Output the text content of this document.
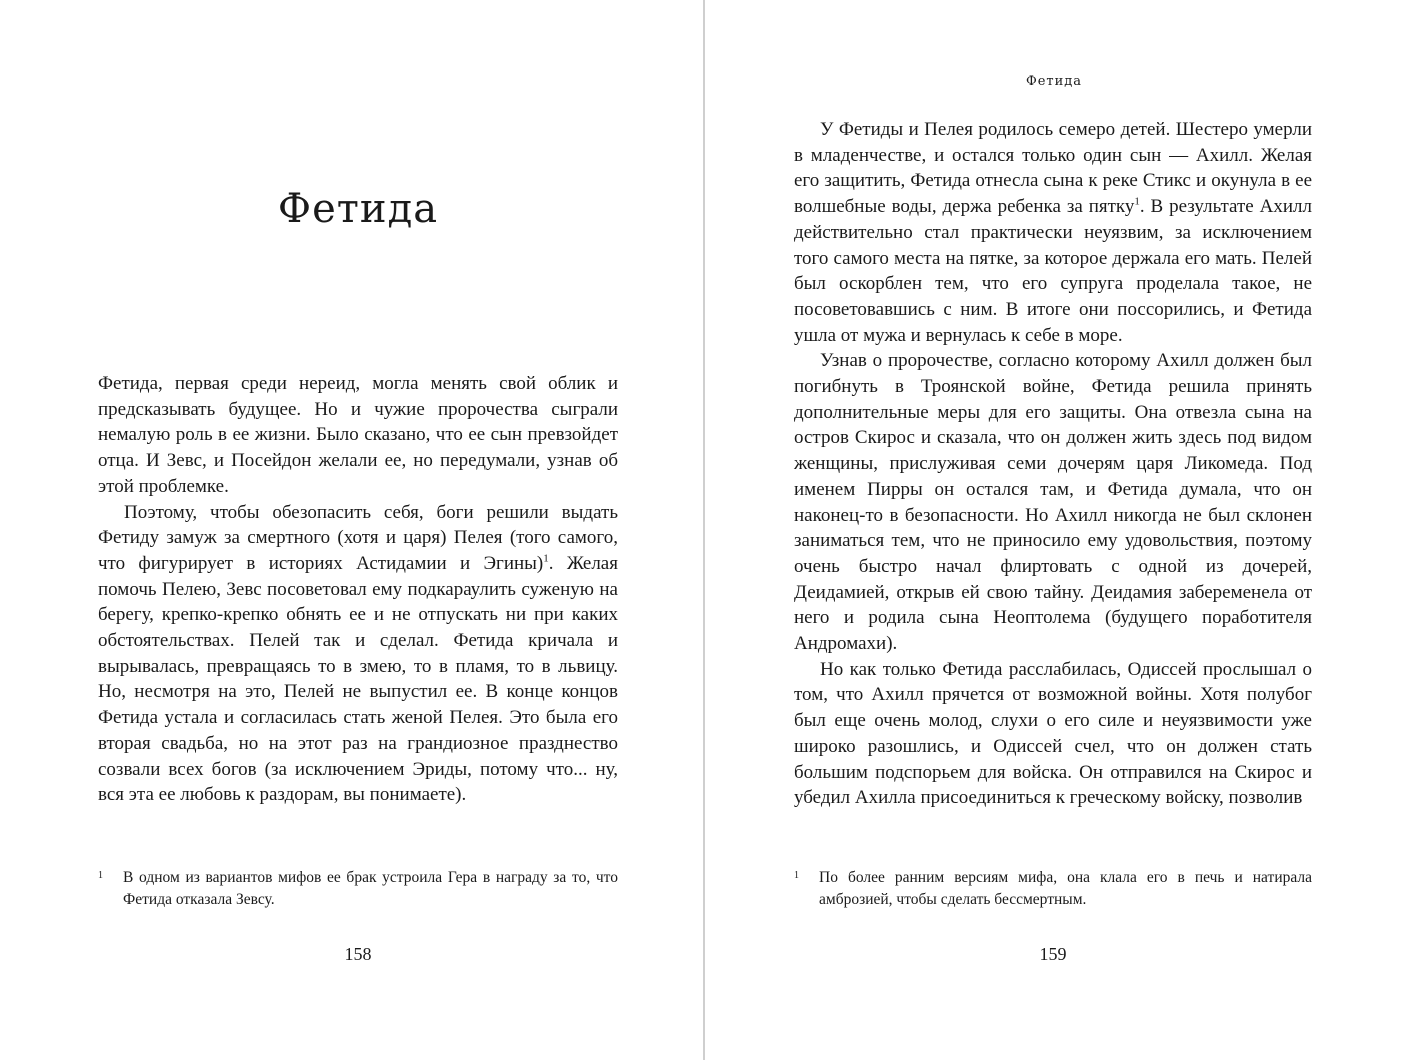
Фетида

Фетида, первая среди нереид, могла менять свой облик и предсказывать будущее. Но и чужие пророчества сыграли немалую роль в ее жизни. Было сказано, что ее сын превзойдет отца. И Зевс, и Посейдон желали ее, но передумали, узнав об этой проблемке.

Поэтому, чтобы обезопасить себя, боги решили выдать Фетиду замуж за смертного (хотя и царя) Пелея (того самого, что фигурирует в историях Астидамии и Эгины)$^1$. Желая помочь Пелею, Зевс посоветовал ему подкараулить суженую на берегу, крепко-крепко обнять ее и не отпускать ни при каких обстоятельствах. Пелей так и сделал. Фетида кричала и вырывалась, превращаясь то в змею, то в пламя, то в львицу. Но, несмотря на это, Пелей не выпустил ее. В конце концов Фетида устала и согласилась стать женой Пелея. Это была его вторая свадьба, но на этот раз на грандиозное празднество созвали всех богов (за исключением Эриды, потому что... ну, вся эта ее любовь к раздорам, вы понимаете).

1 В одном из вариантов мифов ее брак устроила Гера в награду за то, что Фетида отказала Зевсу.
158
Фетида

У Фетиды и Пелея родилось семеро детей. Шестеро умерли в младенчестве, и остался только один сын — Ахилл. Желая его защитить, Фетида отнесла сына к реке Стикс и окунула в ее волшебные воды, держа ребенка за пятку$^1$. В результате Ахилл действительно стал практически неуязвим, за исключением того самого места на пятке, за которое держала его мать. Пелей был оскорблен тем, что его супруга проделала такое, не посоветовавшись с ним. В итоге они поссорились, и Фетида ушла от мужа и вернулась к себе в море.

Узнав о пророчестве, согласно которому Ахилл должен был погибнуть в Троянской войне, Фетида решила принять дополнительные меры для его защиты. Она отвезла сына на остров Скирос и сказала, что он должен жить здесь под видом женщины, прислуживая семи дочерям царя Ликомеда. Под именем Пирры он остался там, и Фетида думала, что он наконец-то в безопасности. Но Ахилл никогда не был склонен заниматься тем, что не приносило ему удовольствия, поэтому очень быстро начал флиртовать с одной из дочерей, Деидамией, открыв ей свою тайну. Деидамия забеременела от него и родила сына Неоптолема (будущего поработителя Андромахи).

Но как только Фетида расслабилась, Одиссей прослышал о том, что Ахилл прячется от возможной войны. Хотя полубог был еще очень молод, слухи о его силе и неуязвимости уже широко разошлись, и Одиссей счел, что он должен стать большим подспорьем для войска. Он отправился на Скирос и убедил Ахилла присоединиться к греческому войску, позволив

1 По более ранним версиям мифа, она клала его в печь и натирала амброзией, чтобы сделать бессмертным.
159
